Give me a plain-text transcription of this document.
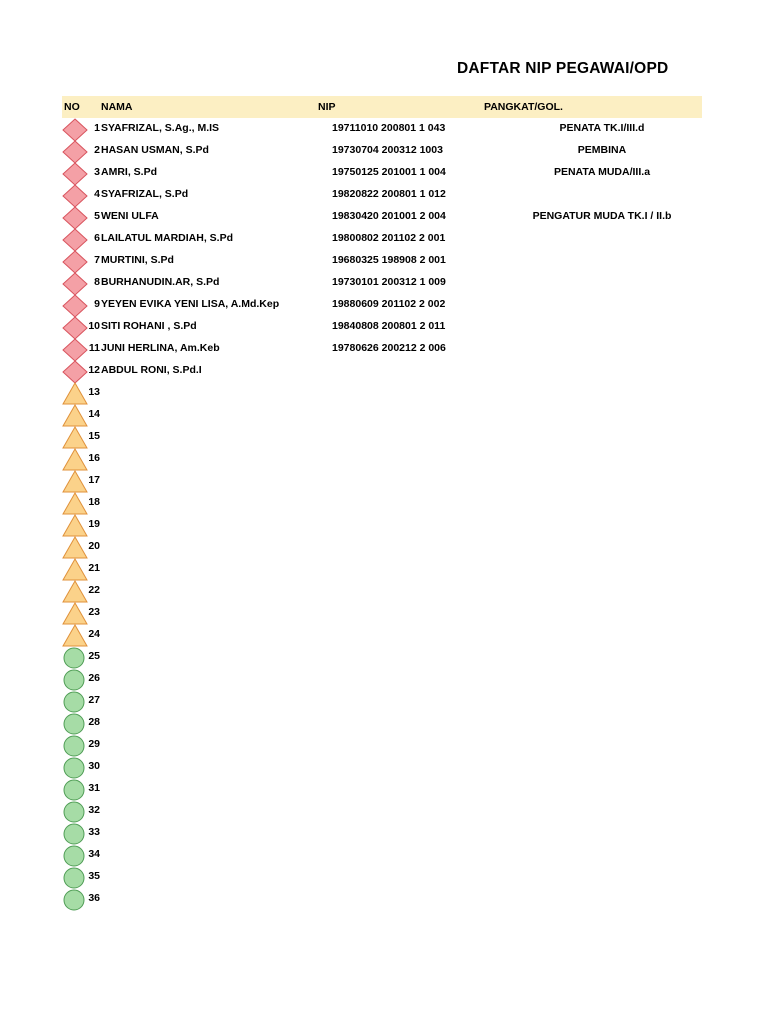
DAFTAR NIP PEGAWAI/OPD
NO NAMA	NIP	PANGKAT/GOL.
1 SYAFRIZAL, S.Ag., M.IS	19711010 200801 1 043	PENATA TK.I/III.d
2 HASAN USMAN, S.Pd	19730704 200312 1003	PEMBINA
3 AMRI, S.Pd	19750125 201001 1 004	PENATA MUDA/III.a
4 SYAFRIZAL, S.Pd	19820822 200801 1 012
5 WENI ULFA	19830420 201001 2 004	PENGATUR MUDA TK.I / II.b
6 LAILATUL MARDIAH, S.Pd	19800802 201102 2 001
7 MURTINI, S.Pd	19680325 198908 2 001
8 BURHANUDIN.AR, S.Pd	19730101 200312 1 009
9 YEYEN EVIKA YENI LISA, A.Md.Kep	19880609 201102 2 002
10 SITI ROHANI , S.Pd	19840808 200801 2 011
11 JUNI HERLINA, Am.Keb	19780626 200212 2 006
12 ABDUL RONI, S.Pd.I
13
14
15
16
17
18
19
20
21
22
23
24
25
26
27
28
29
30
31
32
33
34
35
36
